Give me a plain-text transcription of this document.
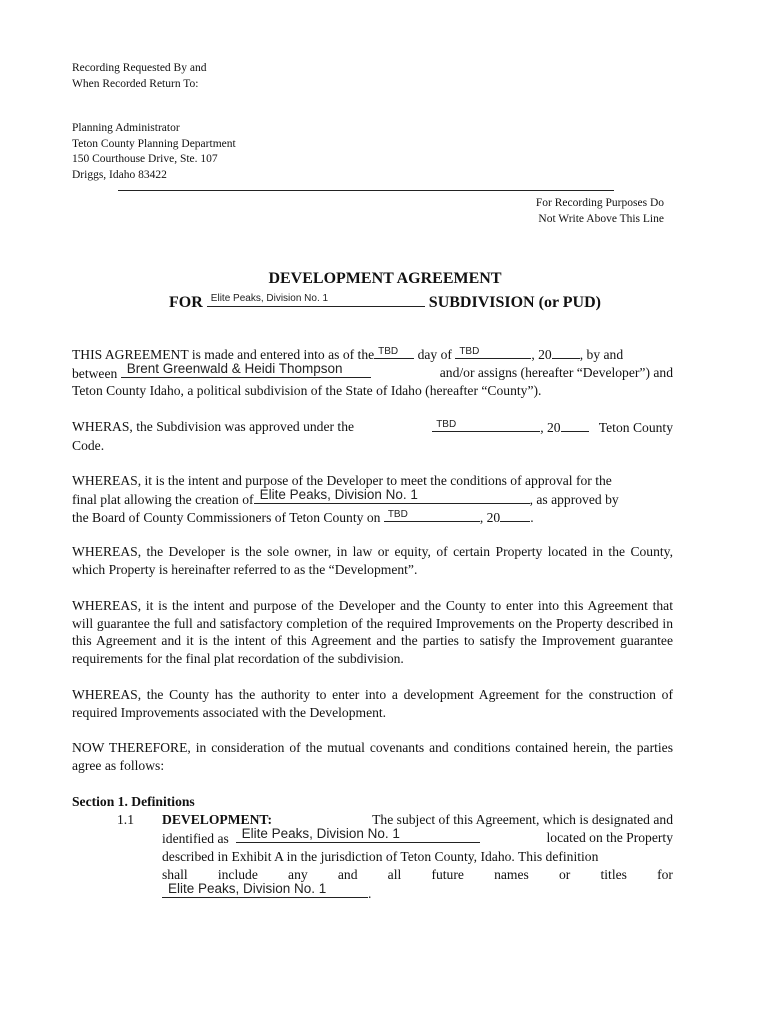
Recording Requested By and
When Recorded Return To:
Planning Administrator
Teton County Planning Department
150 Courthouse Drive, Ste. 107
Driggs, Idaho 83422
For Recording Purposes Do
Not Write Above This Line
DEVELOPMENT AGREEMENT
FOR Elite Peaks, Division No. 1	SUBDIVISION (or PUD)
THIS AGREEMENT is made and entered into as of the TBD day of TBD	, 20 , by and
between Brent Greenwald & Heidi Thompson	and/or assigns (hereafter “Developer”) and
Teton County Idaho, a political subdivision of the State of Idaho (hereafter “County”).
WHERAS, the Subdivision was approved under the	TBD	, 20	Teton County
Code.
WHEREAS, it is the intent and purpose of the Developer to meet the conditions of approval for the
final plat allowing the creation of Elite Peaks, Division No. 1	, as approved by
the Board of County Commissioners of Teton County on TBD	, 20 .
WHEREAS, the Developer is the sole owner, in law or equity, of certain Property located in the County, which Property is hereinafter referred to as the “Development”.
WHEREAS, it is the intent and purpose of the Developer and the County to enter into this Agreement that will guarantee the full and satisfactory completion of the required Improvements on the Property described in this Agreement and it is the intent of this Agreement and the parties to satisfy the Improvement guarantee requirements for the final plat recordation of the subdivision.
WHEREAS, the County has the authority to enter into a development Agreement for the construction of required Improvements associated with the Development.
NOW THEREFORE, in consideration of the mutual covenants and conditions contained herein, the parties agree as follows:
Section 1. Definitions
1.1 DEVELOPMENT:	The subject of this Agreement, which is designated and
identified as Elite Peaks, Division No. 1	located on the Property
described in Exhibit A in the jurisdiction of Teton County, Idaho. This definition
shall include any and all future names or titles for
Elite Peaks, Division No. 1	.
